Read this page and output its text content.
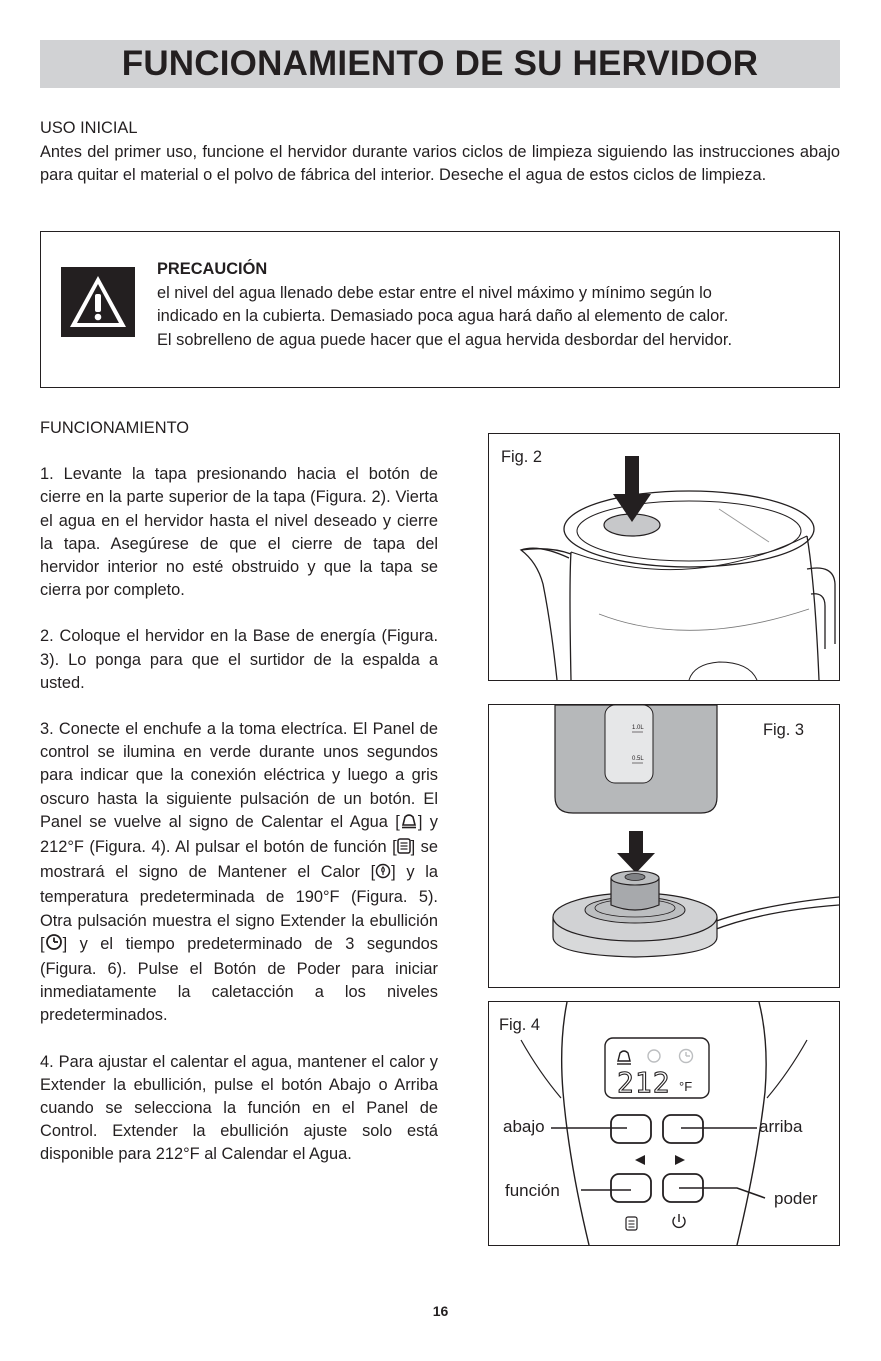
FUNCIONAMIENTO DE SU HERVIDOR
USO INICIAL

Antes del primer uso, funcione el hervidor durante varios ciclos de limpieza siguiendo las instrucciones abajo para quitar el material o el polvo de fábrica del interior. Deseche el agua de estos ciclos de limpieza.

PRECAUCIÓN
el nivel del agua llenado debe estar entre el nivel máximo y mínimo según lo
indicado en la cubierta. Demasiado poca agua hará daño al elemento de calor.
El sobrelleno de agua puede hacer que el agua hervida desbordar del hervidor.
FUNCIONAMIENTO

1. Levante la tapa presionando hacia el botón de cierre en la parte superior de la tapa (Figura. 2). Vierta el agua en el hervidor hasta el nivel deseado y cierre la tapa. Asegúrese de que el cierre de tapa del hervidor interior no esté obstruido y que la tapa se cierra por completo.

2. Coloque el hervidor en la Base de energía (Figura. 3). Lo ponga para que el surtidor de la espalda a usted.

3. Conecte el enchufe a la toma electríca. El Panel de control se ilumina en verde durante unos segundos para indicar que la conexión eléctrica y luego a gris oscuro hasta la siguiente pulsación de un botón. El Panel se vuelve al signo de Calentar el Agua [ ] y 212°F (Figura. 4). Al pulsar el botón de función [ ] se mostrará el signo de Mantener el Calor [ ] y la temperatura predeterminada de 190°F (Figura. 5). Otra pulsación muestra el signo Extender la ebullición [ ] y el tiempo predeterminado de 3 segundos (Figura. 6). Pulse el Botón de Poder para iniciar inmediatamente la caletacción a los niveles predeterminados.

4. Para ajustar el calentar el agua, mantener el calor y Extender la ebullición, pulse el botón Abajo o Arriba cuando se selecciona la función en el Panel de Control. Extender la ebullición ajuste solo está disponible para 212°F al Calendar el Agua.

Fig. 2
1.0L
0.5L
Fig. 3
212 °F
Fig. 4
abajo	arriba
función	poder
16
